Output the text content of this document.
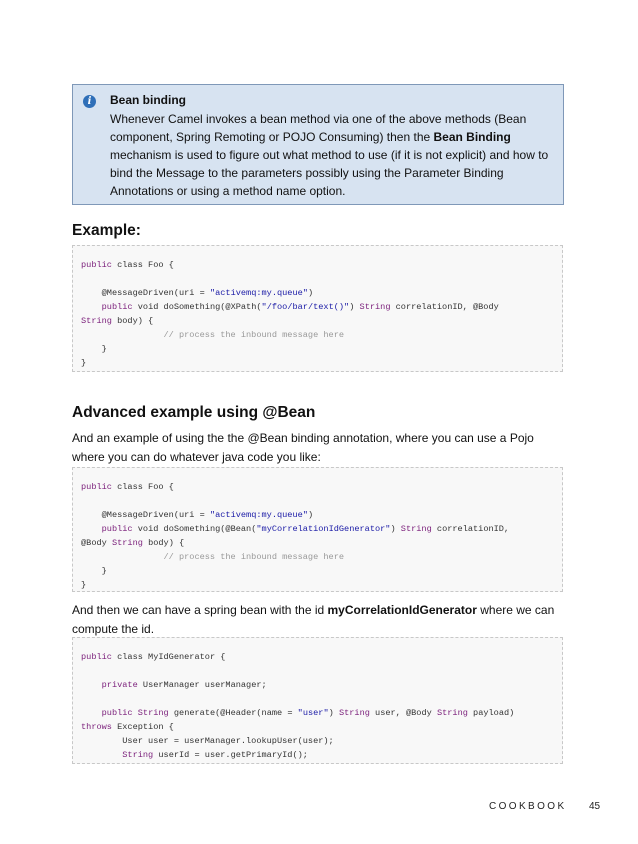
i	Bean binding
Whenever Camel invokes a bean method via one of the above methods (Bean component, Spring Remoting or POJO Consuming) then the Bean Binding mechanism is used to figure out what method to use (if it is not explicit) and how to bind the Message to the parameters possibly using the Parameter Binding Annotations or using a method name option.
Example:
public class Foo {
@MessageDriven(uri = "activemq:my.queue")
public void doSomething(@XPath("/foo/bar/text()") String correlationID, @Body
String body) {
// process the inbound message here
}
}
Advanced example using @Bean

And an example of using the the @Bean binding annotation, where you can use a Pojo where you can do whatever java code you like:

public class Foo {
@MessageDriven(uri = "activemq:my.queue")
public void doSomething(@Bean("myCorrelationIdGenerator") String correlationID,
@Body String body) {
// process the inbound message here
}
}

And then we can have a spring bean with the id myCorrelationIdGenerator where we can compute the id.

public class MyIdGenerator {
private UserManager userManager;
public String generate(@Header(name = "user") String user, @Body String payload)
throws Exception {
User user = userManager.lookupUser(user);
String userId = user.getPrimaryId();
COOKBOOK 45
